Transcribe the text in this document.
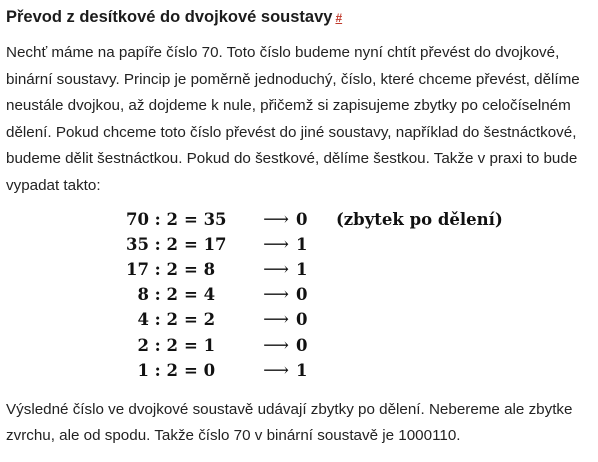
Převod z desítkové do dvojkové soustavy #

Nechť máme na papíře číslo 70. Toto číslo budeme nyní chtít převést do dvojkové, binární soustavy. Princip je poměrně jednoduchý, číslo, které chceme převést, dělíme neustále dvojkou, až dojdeme k nule, přičemž si zapisujeme zbytky po celočíselném dělení. Pokud chceme toto číslo převést do jiné soustavy, například do šestnáctkové, budeme dělit šestnáctkou. Pokud do šestkové, dělíme šestkou. Takže v praxi to bude vypadat takto:

70 : 2 = 35 ⟶ 0 (zbytek po dělení)
35 : 2 = 17 ⟶ 1
17 : 2 = 8	⟶ 1
8 : 2 = 4	⟶ 0
4 : 2 = 2	⟶ 0
2 : 2 = 1	⟶ 0
1 : 2 = 0	⟶ 1

Výsledné číslo ve dvojkové soustavě udávají zbytky po dělení. Nebereme ale zbytke zvrchu, ale od spodu. Takže číslo 70 v binární soustavě je 1000110.
